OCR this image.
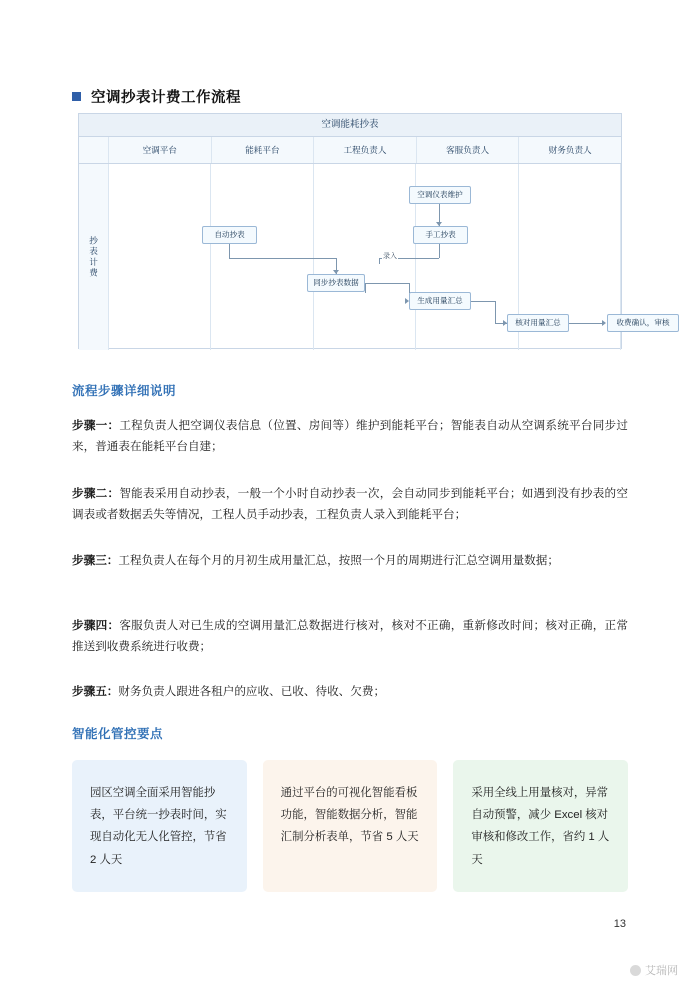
空调抄表计费工作流程
空调能耗抄表
空调平台	能耗平台	工程负责人	客服负责人	财务负责人
抄表计费
空调仪表维护
自动抄表	手工抄表
同步抄表数据
生成用量汇总
核对用量汇总	收费确认，审核
录入
流程步骤详细说明
步骤一：工程负责人把空调仪表信息（位置、房间等）维护到能耗平台；智能表自动从空调系统平台同步过来，普通表在能耗平台自建；
步骤二：智能表采用自动抄表，一般一个小时自动抄表一次，会自动同步到能耗平台；如遇到没有抄表的空调表或者数据丢失等情况，工程人员手动抄表，工程负责人录入到能耗平台；
步骤三：工程负责人在每个月的月初生成用量汇总，按照一个月的周期进行汇总空调用量数据；
步骤四：客服负责人对已生成的空调用量汇总数据进行核对，核对不正确，重新修改时间；核对正确，正常推送到收费系统进行收费；
步骤五：财务负责人跟进各租户的应收、已收、待收、欠费；
智能化管控要点
园区空调全面采用智能抄表，平台统一抄表时间，实现自动化无人化管控，节省 2 人天
通过平台的可视化智能看板功能，智能数据分析，智能汇制分析表单，节省 5 人天
采用全线上用量核对，异常自动预警，减少 Excel 核对审核和修改工作，省约 1 人天
13
艾瑞网
